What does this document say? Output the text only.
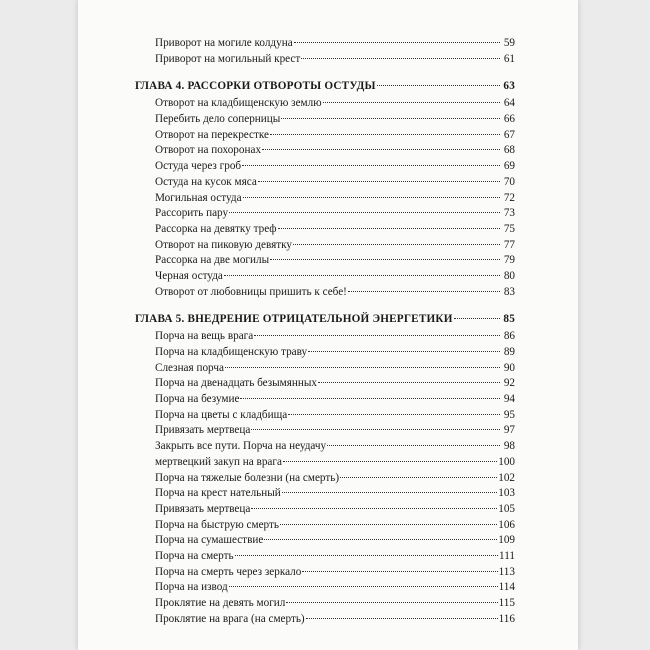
Приворот на могиле колдуна	59
Приворот на могильный крест	61
ГЛАВА 4. РАССОРКИ ОТВОРОТЫ ОСТУДЫ	63
Отворот на кладбищенскую землю	64
Перебить дело соперницы	66
Отворот на перекрестке	67
Отворот на похоронах	68
Остуда через гроб	69
Остуда на кусок мяса	70
Могильная остуда	72
Рассорить пару	73
Рассорка на девятку треф	75
Отворот на пиковую девятку	77
Рассорка на две могилы	79
Черная остуда	80
Отворот от любовницы пришить к себе!	83
ГЛАВА 5. ВНЕДРЕНИЕ ОТРИЦАТЕЛЬНОЙ ЭНЕРГЕТИКИ	85
Порча на вещь врага	86
Порча на кладбищенскую траву	89
Слезная порча	90
Порча на двенадцать безымянных	92
Порча на безумие	94
Порча на цветы с кладбища	95
Привязать мертвеца	97
Закрыть все пути. Порча на неудачу	98
мертвецкий закуп на врага	100
Порча на тяжелые болезни (на смерть)	102
Порча на крест нательный	103
Привязать мертвеца	105
Порча на быструю смерть	106
Порча на сумашествие	109
Порча на смерть	111
Порча на смерть через зеркало	113
Порча на извод	114
Проклятие на девять могил	115
Проклятие на врага (на смерть)	116
